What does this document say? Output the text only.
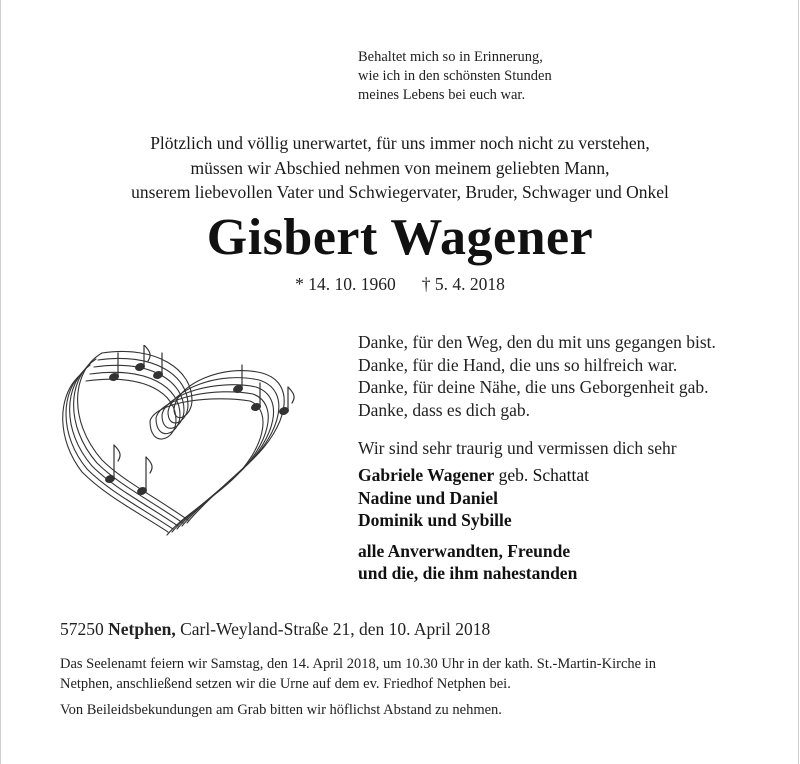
Behaltet mich so in Erinnerung,
wie ich in den schönsten Stunden
meines Lebens bei euch war.
Plötzlich und völlig unerwartet, für uns immer noch nicht zu verstehen,
müssen wir Abschied nehmen von meinem geliebten Mann,
unserem liebevollen Vater und Schwiegervater, Bruder, Schwager und Onkel
Gisbert Wagener
* 14. 10. 1960 † 5. 4. 2018
Danke, für den Weg, den du mit uns gegangen bist.
Danke, für die Hand, die uns so hilfreich war.
Danke, für deine Nähe, die uns Geborgenheit gab.
Danke, dass es dich gab.
Wir sind sehr traurig und vermissen dich sehr
Gabriele Wagener geb. Schattat
Nadine und Daniel
Dominik und Sybille
alle Anverwandten, Freunde
und die, die ihm nahestanden
57250 Netphen, Carl-Weyland-Straße 21, den 10. April 2018
Das Seelenamt feiern wir Samstag, den 14. April 2018, um 10.30 Uhr in der kath. St.-Martin-Kirche in
Netphen, anschließend setzen wir die Urne auf dem ev. Friedhof Netphen bei.
Von Beileidsbekundungen am Grab bitten wir höflichst Abstand zu nehmen.
